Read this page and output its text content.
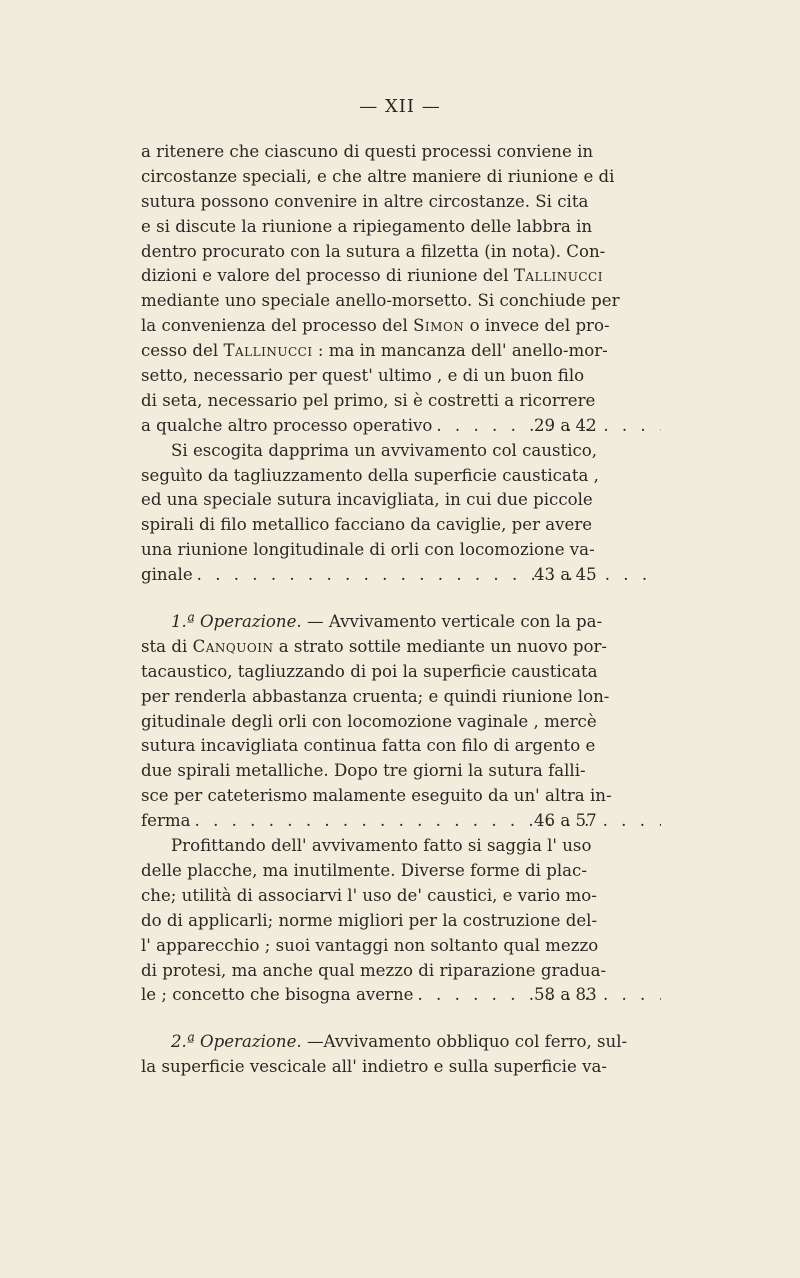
— XII —
a ritenere che ciascuno di questi processi conviene in
circostanze speciali, e che altre maniere di riunione e di
sutura possono convenire in altre circostanze. Si cita
e si discute la riunione a ripiegamento delle labbra in
dentro procurato con la sutura a filzetta (in nota). Con-
dizioni e valore del processo di riunione del Tallinucci
mediante uno speciale anello-morsetto. Si conchiude per
la convenienza del processo del Simon o invece del pro-
cesso del Tallinucci : ma in mancanza dell' anello-mor-
setto, necessario per quest' ultimo , e di un buon filo
di seta, necessario pel primo, si è costretti a ricorrere
a qualche altro processo operativo . . .	29 a 42
Si escogita dapprima un avvivamento col caustico,
seguìto da tagliuzzamento della superficie causticata ,
ed una speciale sutura incavigliata, in cui due piccole
spirali di filo metallico facciano da caviglie, per avere
una riunione longitudinale di orli con locomozione va-
ginale . . .	43 a 45
1.ª Operazione. — Avvivamento verticale con la pa-
sta di Canquoin a strato sottile mediante un nuovo por-
tacaustico, tagliuzzando di poi la superficie causticata
per renderla abbastanza cruenta; e quindi riunione lon-
gitudinale degli orli con locomozione vaginale , mercè
sutura incavigliata continua fatta con filo di argento e
due spirali metalliche. Dopo tre giorni la sutura falli-
sce per cateterismo malamente eseguito da un' altra in-
ferma . . .	46 a 57
Profittando dell' avvivamento fatto si saggia l' uso
delle placche, ma inutilmente. Diverse forme di plac-
che; utilità di associarvi l' uso de' caustici, e vario mo-
do di applicarli; norme migliori per la costruzione del-
l' apparecchio ; suoi vantaggi non soltanto qual mezzo
di protesi, ma anche qual mezzo di riparazione gradua-
le ; concetto che bisogna averne . . .	58 a 83
2.ª Operazione. —Avvivamento obbliquo col ferro, sul-
la superficie vescicale all' indietro e sulla superficie va-
